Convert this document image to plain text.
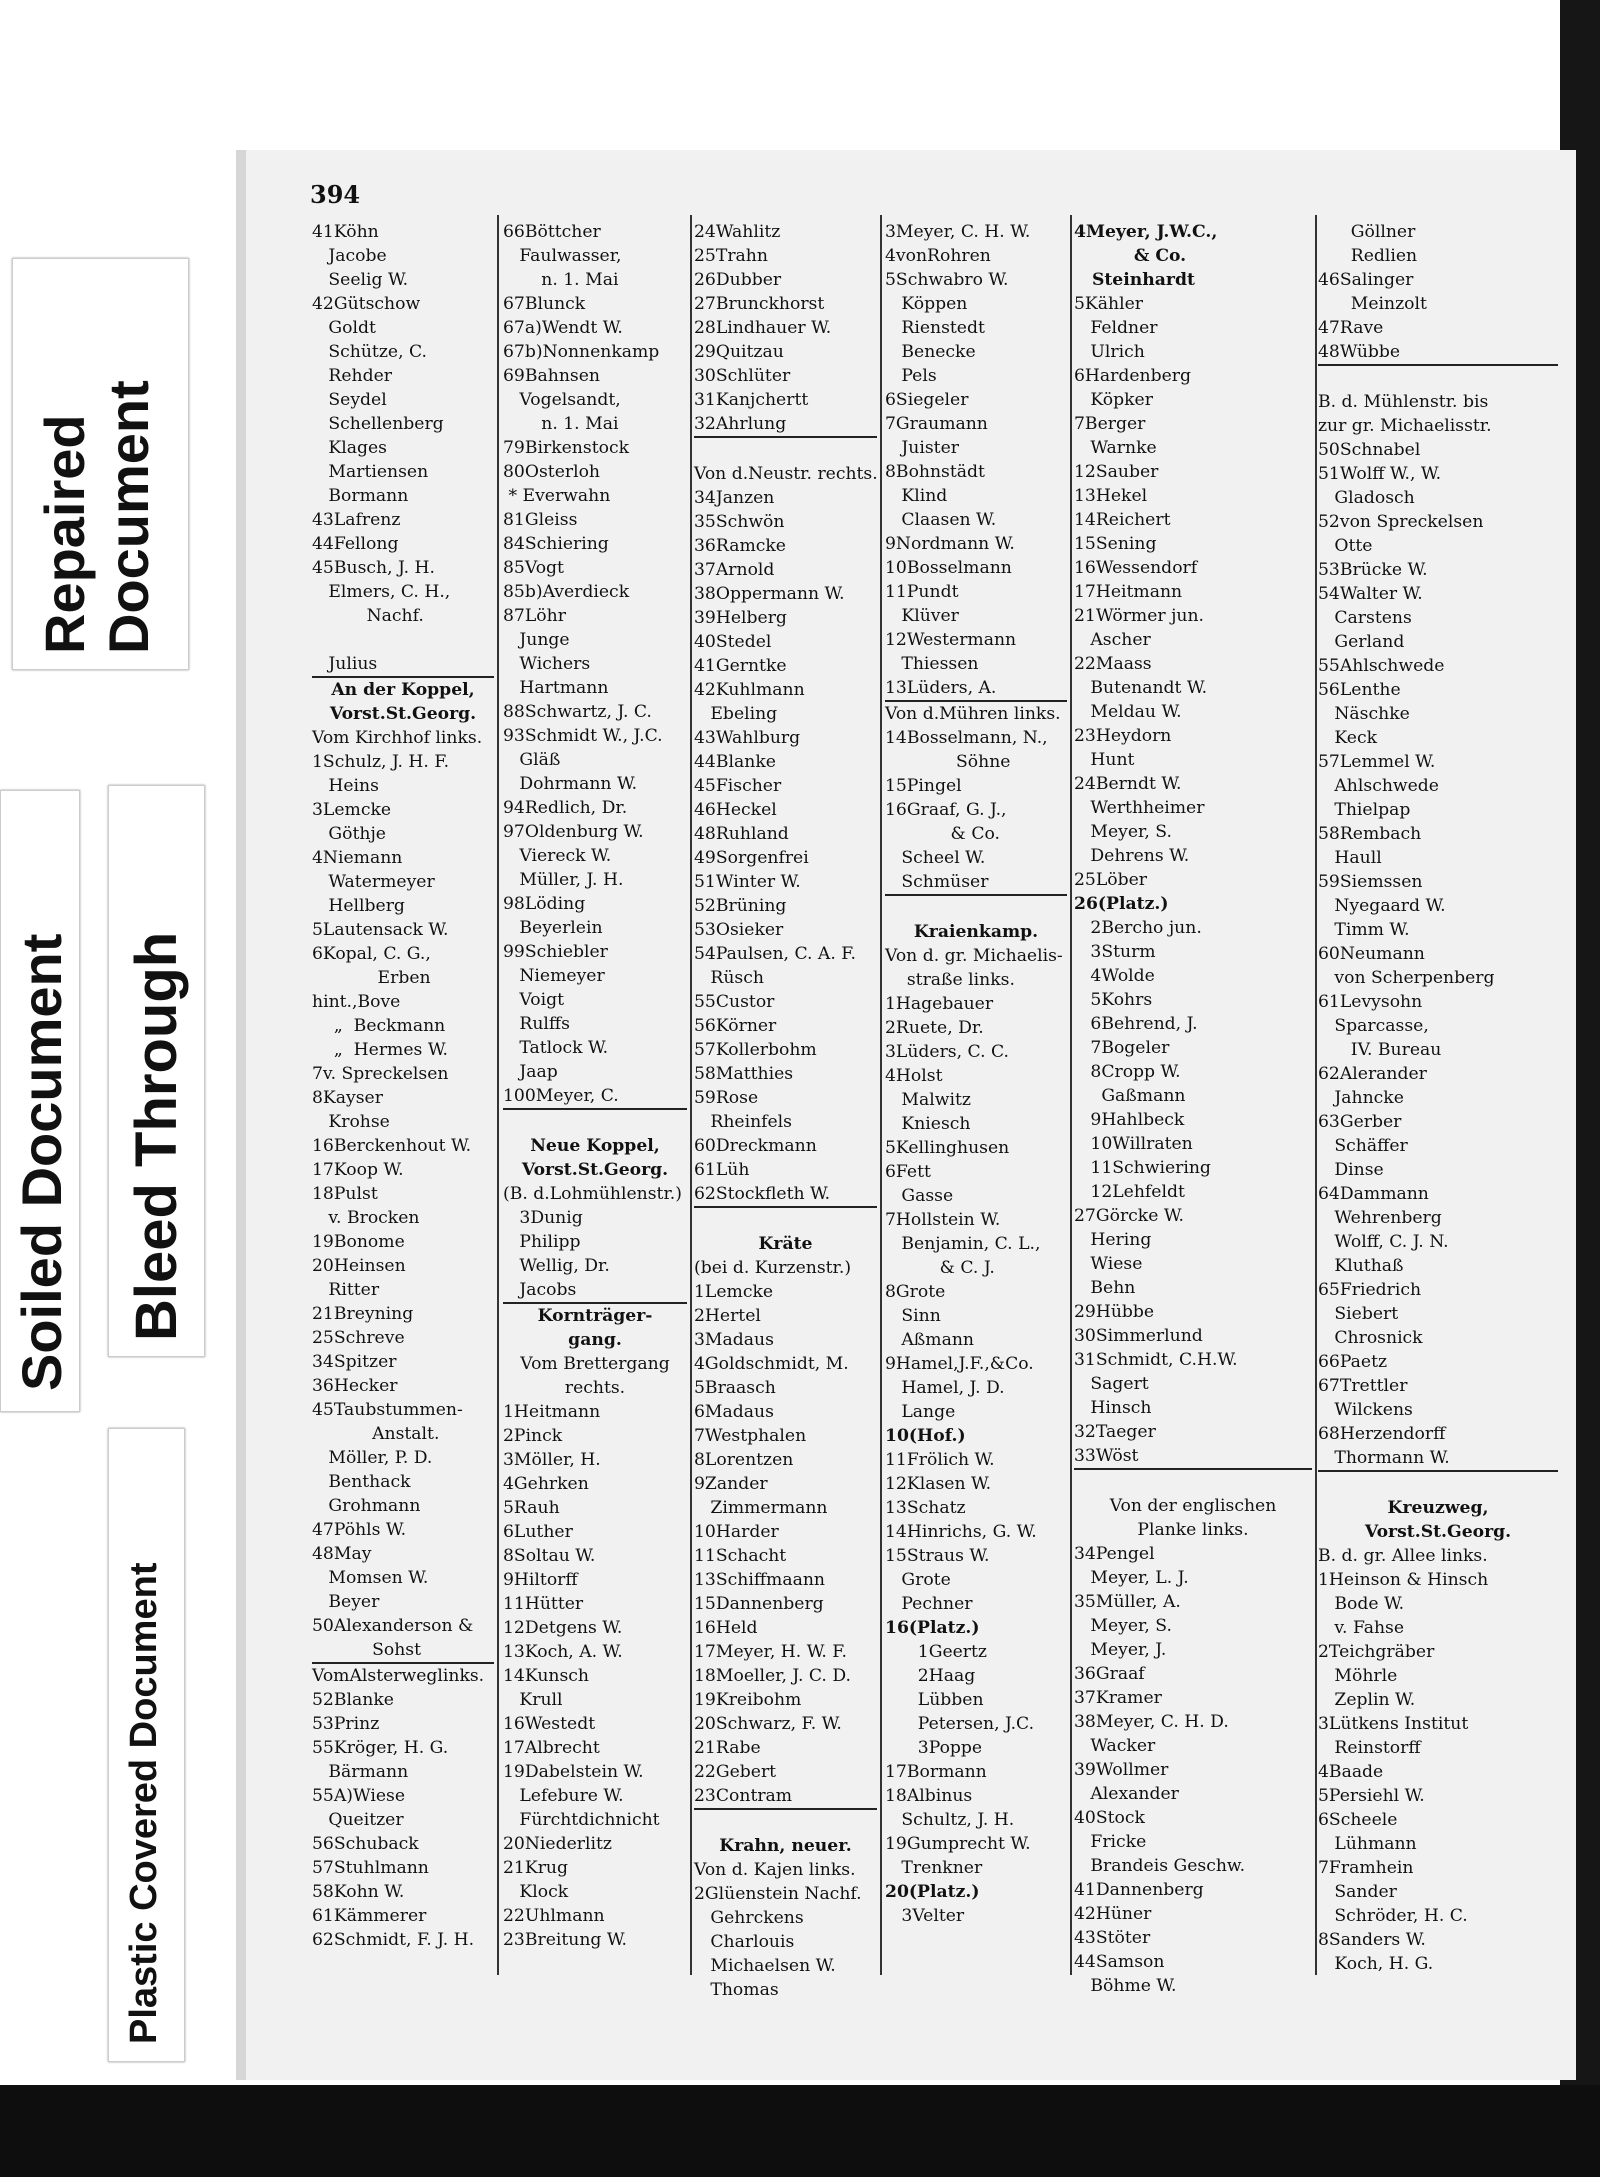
Repaired Document
Soiled Document Bleed Through
Plastic Covered Document
394
41Köhn
Jacobe
Seelig W.
42Gütschow
Goldt
Schütze, C.
Rehder
Seydel
Schellenberg
Klages
Martiensen
Bormann
43Lafrenz
44Fellong
45Busch, J. H.
Elmers, C. H.,
Nachf.
Julius
An der Koppel,
Vorst.St.Georg.
Vom Kirchhof links.
1Schulz, J. H. F.
Heins
3Lemcke
Göthje
4Niemann
Watermeyer
Hellberg
5Lautensack W.
6Kopal, C. G.,
Erben
hint.,Bove
„  Beckmann
„  Hermes W.
7v. Spreckelsen
8Kayser
Krohse
16Berckenhout W.
17Koop W.
18Pulst
v. Brocken
19Bonome
20Heinsen
Ritter
21Breyning
25Schreve
34Spitzer
36Hecker
45Taubstummen-
Anstalt.
Möller, P. D.
Benthack
Grohmann
47Pöhls W.
48May
Momsen W.
Beyer
50Alexanderson &
Sohst
VomAlsterweglinks.
52Blanke
53Prinz
55Kröger, H. G.
Bärmann
55A)Wiese
Queitzer
56Schuback
57Stuhlmann
58Kohn W.
61Kämmerer
62Schmidt, F. J. H.
66Böttcher
Faulwasser,
n. 1. Mai
67Blunck
67a)Wendt W.
67b)Nonnenkamp
69Bahnsen
Vogelsandt,
n. 1. Mai
79Birkenstock
80Osterloh
* Everwahn
81Gleiss
84Schiering
85Vogt
85b)Averdieck
87Löhr
Junge
Wichers
Hartmann
88Schwartz, J. C.
93Schmidt W., J.C.
Gläß
Dohrmann W.
94Redlich, Dr.
97Oldenburg W.
Viereck W.
Müller, J. H.
98Löding
Beyerlein
99Schiebler
Niemeyer
Voigt
Rulffs
Tatlock W.
Jaap
100Meyer, C.
Neue Koppel,
Vorst.St.Georg.
(B. d.Lohmühlenstr.)
3Dunig
Philipp
Wellig, Dr.
Jacobs
Kornträger-
gang.
Vom Brettergang
rechts.
1Heitmann
2Pinck
3Möller, H.
4Gehrken
5Rauh
6Luther
8Soltau W.
9Hiltorff
11Hütter
12Detgens W.
13Koch, A. W.
14Kunsch
Krull
16Westedt
17Albrecht
19Dabelstein W.
Lefebure W.
Fürchtdichnicht
20Niederlitz
21Krug
Klock
22Uhlmann
23Breitung W.
24Wahlitz
25Trahn
26Dubber
27Brunckhorst
28Lindhauer W.
29Quitzau
30Schlüter
31Kanjchertt
32Ahrlung
Von d.Neustr. rechts.
34Janzen
35Schwön
36Ramcke
37Arnold
38Oppermann W.
39Helberg
40Stedel
41Gerntke
42Kuhlmann
Ebeling
43Wahlburg
44Blanke
45Fischer
46Heckel
48Ruhland
49Sorgenfrei
51Winter W.
52Brüning
53Osieker
54Paulsen, C. A. F.
Rüsch
55Custor
56Körner
57Kollerbohm
58Matthies
59Rose
Rheinfels
60Dreckmann
61Lüh
62Stockfleth W.
Kräte
(bei d. Kurzenstr.)
1Lemcke
2Hertel
3Madaus
4Goldschmidt, M.
5Braasch
6Madaus
7Westphalen
8Lorentzen
9Zander
Zimmermann
10Harder
11Schacht
13Schiffmaann
15Dannenberg
16Held
17Meyer, H. W. F.
18Moeller, J. C. D.
19Kreibohm
20Schwarz, F. W.
21Rabe
22Gebert
23Contram
Krahn, neuer.
Von d. Kajen links.
2Glüenstein Nachf.
Gehrckens
Charlouis
Michaelsen W.
Thomas
3Meyer, C. H. W.
4vonRohren
5Schwabro W.
Köppen
Rienstedt
Benecke
Pels
6Siegeler
7Graumann
Juister
8Bohnstädt
Klind
Claasen W.
9Nordmann W.
10Bosselmann
11Pundt
Klüver
12Westermann
Thiessen
13Lüders, A.
Von d.Mühren links.
14Bosselmann, N.,
Söhne
15Pingel
16Graaf, G. J.,
& Co.
Scheel W.
Schmüser
Kraienkamp.
Von d. gr. Michaelis-
straße links.
1Hagebauer
2Ruete, Dr.
3Lüders, C. C.
4Holst
Malwitz
Kniesch
5Kellinghusen
6Fett
Gasse
7Hollstein W.
Benjamin, C. L.,
& C. J.
8Grote
Sinn
Aßmann
9Hamel,J.F.,&Co.
Hamel, J. D.
Lange
10(Hof.)
11Frölich W.
12Klasen W.
13Schatz
14Hinrichs, G. W.
15Straus W.
Grote
Pechner
16(Platz.)
1Geertz
2Haag
Lübben
Petersen, J.C.
3Poppe
17Bormann
18Albinus
Schultz, J. H.
19Gumprecht W.
Trenkner
20(Platz.)
3Velter
4Meyer, J.W.C.,
& Co.
Steinhardt
5Kähler
Feldner
Ulrich
6Hardenberg
Köpker
7Berger
Warnke
12Sauber
13Hekel
14Reichert
15Sening
16Wessendorf
17Heitmann
21Wörmer jun.
Ascher
22Maass
Butenandt W.
Meldau W.
23Heydorn
Hunt
24Berndt W.
Werthheimer
Meyer, S.
Dehrens W.
25Löber
26(Platz.)
2Bercho jun.
3Sturm
4Wolde
5Kohrs
6Behrend, J.
7Bogeler
8Cropp W.
Gaßmann
9Hahlbeck
10Willraten
11Schwiering
12Lehfeldt
27Görcke W.
Hering
Wiese
Behn
29Hübbe
30Simmerlund
31Schmidt, C.H.W.
Sagert
Hinsch
32Taeger
33Wöst
Von der englischen
Planke links.
34Pengel
Meyer, L. J.
35Müller, A.
Meyer, S.
Meyer, J.
36Graaf
37Kramer
38Meyer, C. H. D.
Wacker
39Wollmer
Alexander
40Stock
Fricke
Brandeis Geschw.
41Dannenberg
42Hüner
43Stöter
44Samson
Böhme W.
Göllner
Redlien
46Salinger
Meinzolt
47Rave
48Wübbe
B. d. Mühlenstr. bis
zur gr. Michaelisstr.
50Schnabel
51Wolff W., W.
Gladosch
52von Spreckelsen
Otte
53Brücke W.
54Walter W.
Carstens
Gerland
55Ahlschwede
56Lenthe
Näschke
Keck
57Lemmel W.
Ahlschwede
Thielpap
58Rembach
Haull
59Siemssen
Nyegaard W.
Timm W.
60Neumann
von Scherpenberg
61Levysohn
Sparcasse,
IV. Bureau
62Alerander
Jahncke
63Gerber
Schäffer
Dinse
64Dammann
Wehrenberg
Wolff, C. J. N.
Kluthaß
65Friedrich
Siebert
Chrosnick
66Paetz
67Trettler
Wilckens
68Herzendorff
Thormann W.
Kreuzweg,
Vorst.St.Georg.
B. d. gr. Allee links.
1Heinson & Hinsch
Bode W.
v. Fahse
2Teichgräber
Möhrle
Zeplin W.
3Lütkens Institut
Reinstorff
4Baade
5Persiehl W.
6Scheele
Lühmann
7Framhein
Sander
Schröder, H. C.
8Sanders W.
Koch, H. G.
